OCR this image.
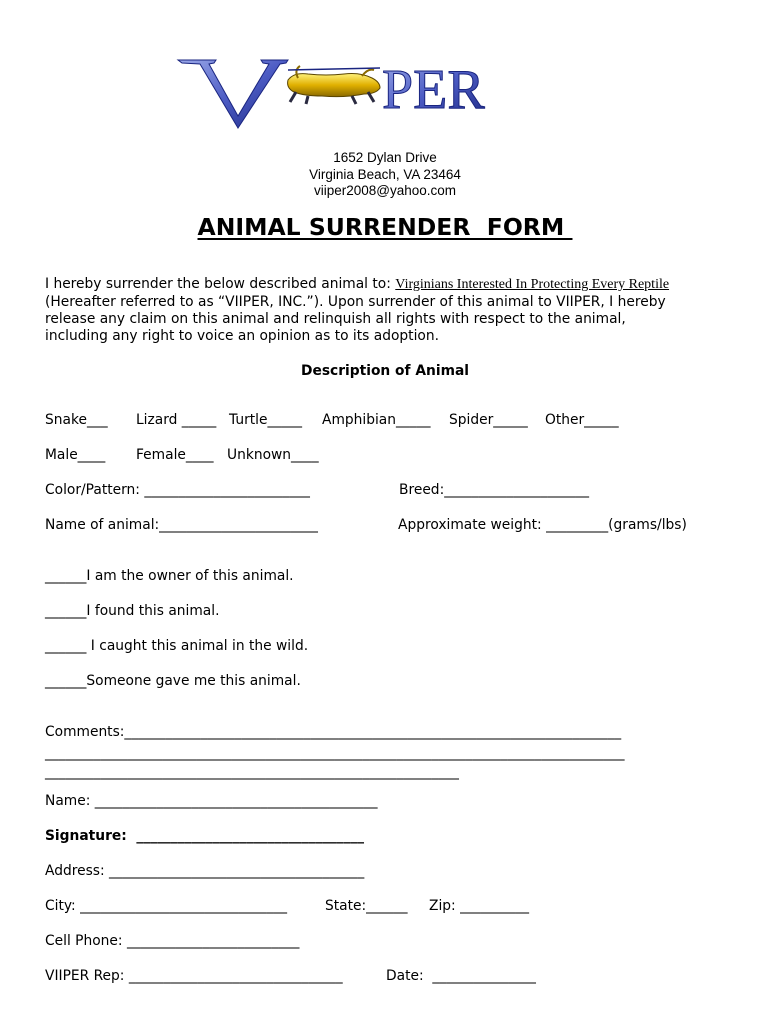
PER
1652 Dylan Drive
Virginia Beach, VA 23464
viiper2008@yahoo.com
ANIMAL SURRENDER  FORM
I hereby surrender the below described animal to: Virginians Interested In Protecting Every Reptile
(Hereafter referred to as “VIIPER, INC.”). Upon surrender of this animal to VIIPER, I hereby
release any claim on this animal and relinquish all rights with respect to the animal,
including any right to voice an opinion as to its adoption.
Description of Animal
Snake___ Lizard _____ Turtle_____ Amphibian_____ Spider_____ Other_____
Male____ Female____ Unknown____
Color/Pattern: ________________________	Breed:_____________________
Name of animal:_______________________	Approximate weight: _________(grams/lbs)
______I am the owner of this animal.
______I found this animal.
______ I caught this animal in the wild.
______Someone gave me this animal.
Comments:________________________________________________________________________
____________________________________________________________________________________
____________________________________________________________
Name: _________________________________________
Signature:  _________________________________
Address: _____________________________________
City: ______________________________	State:______ Zip: __________
Cell Phone: _________________________
VIIPER Rep: _______________________________	Date:  _______________
